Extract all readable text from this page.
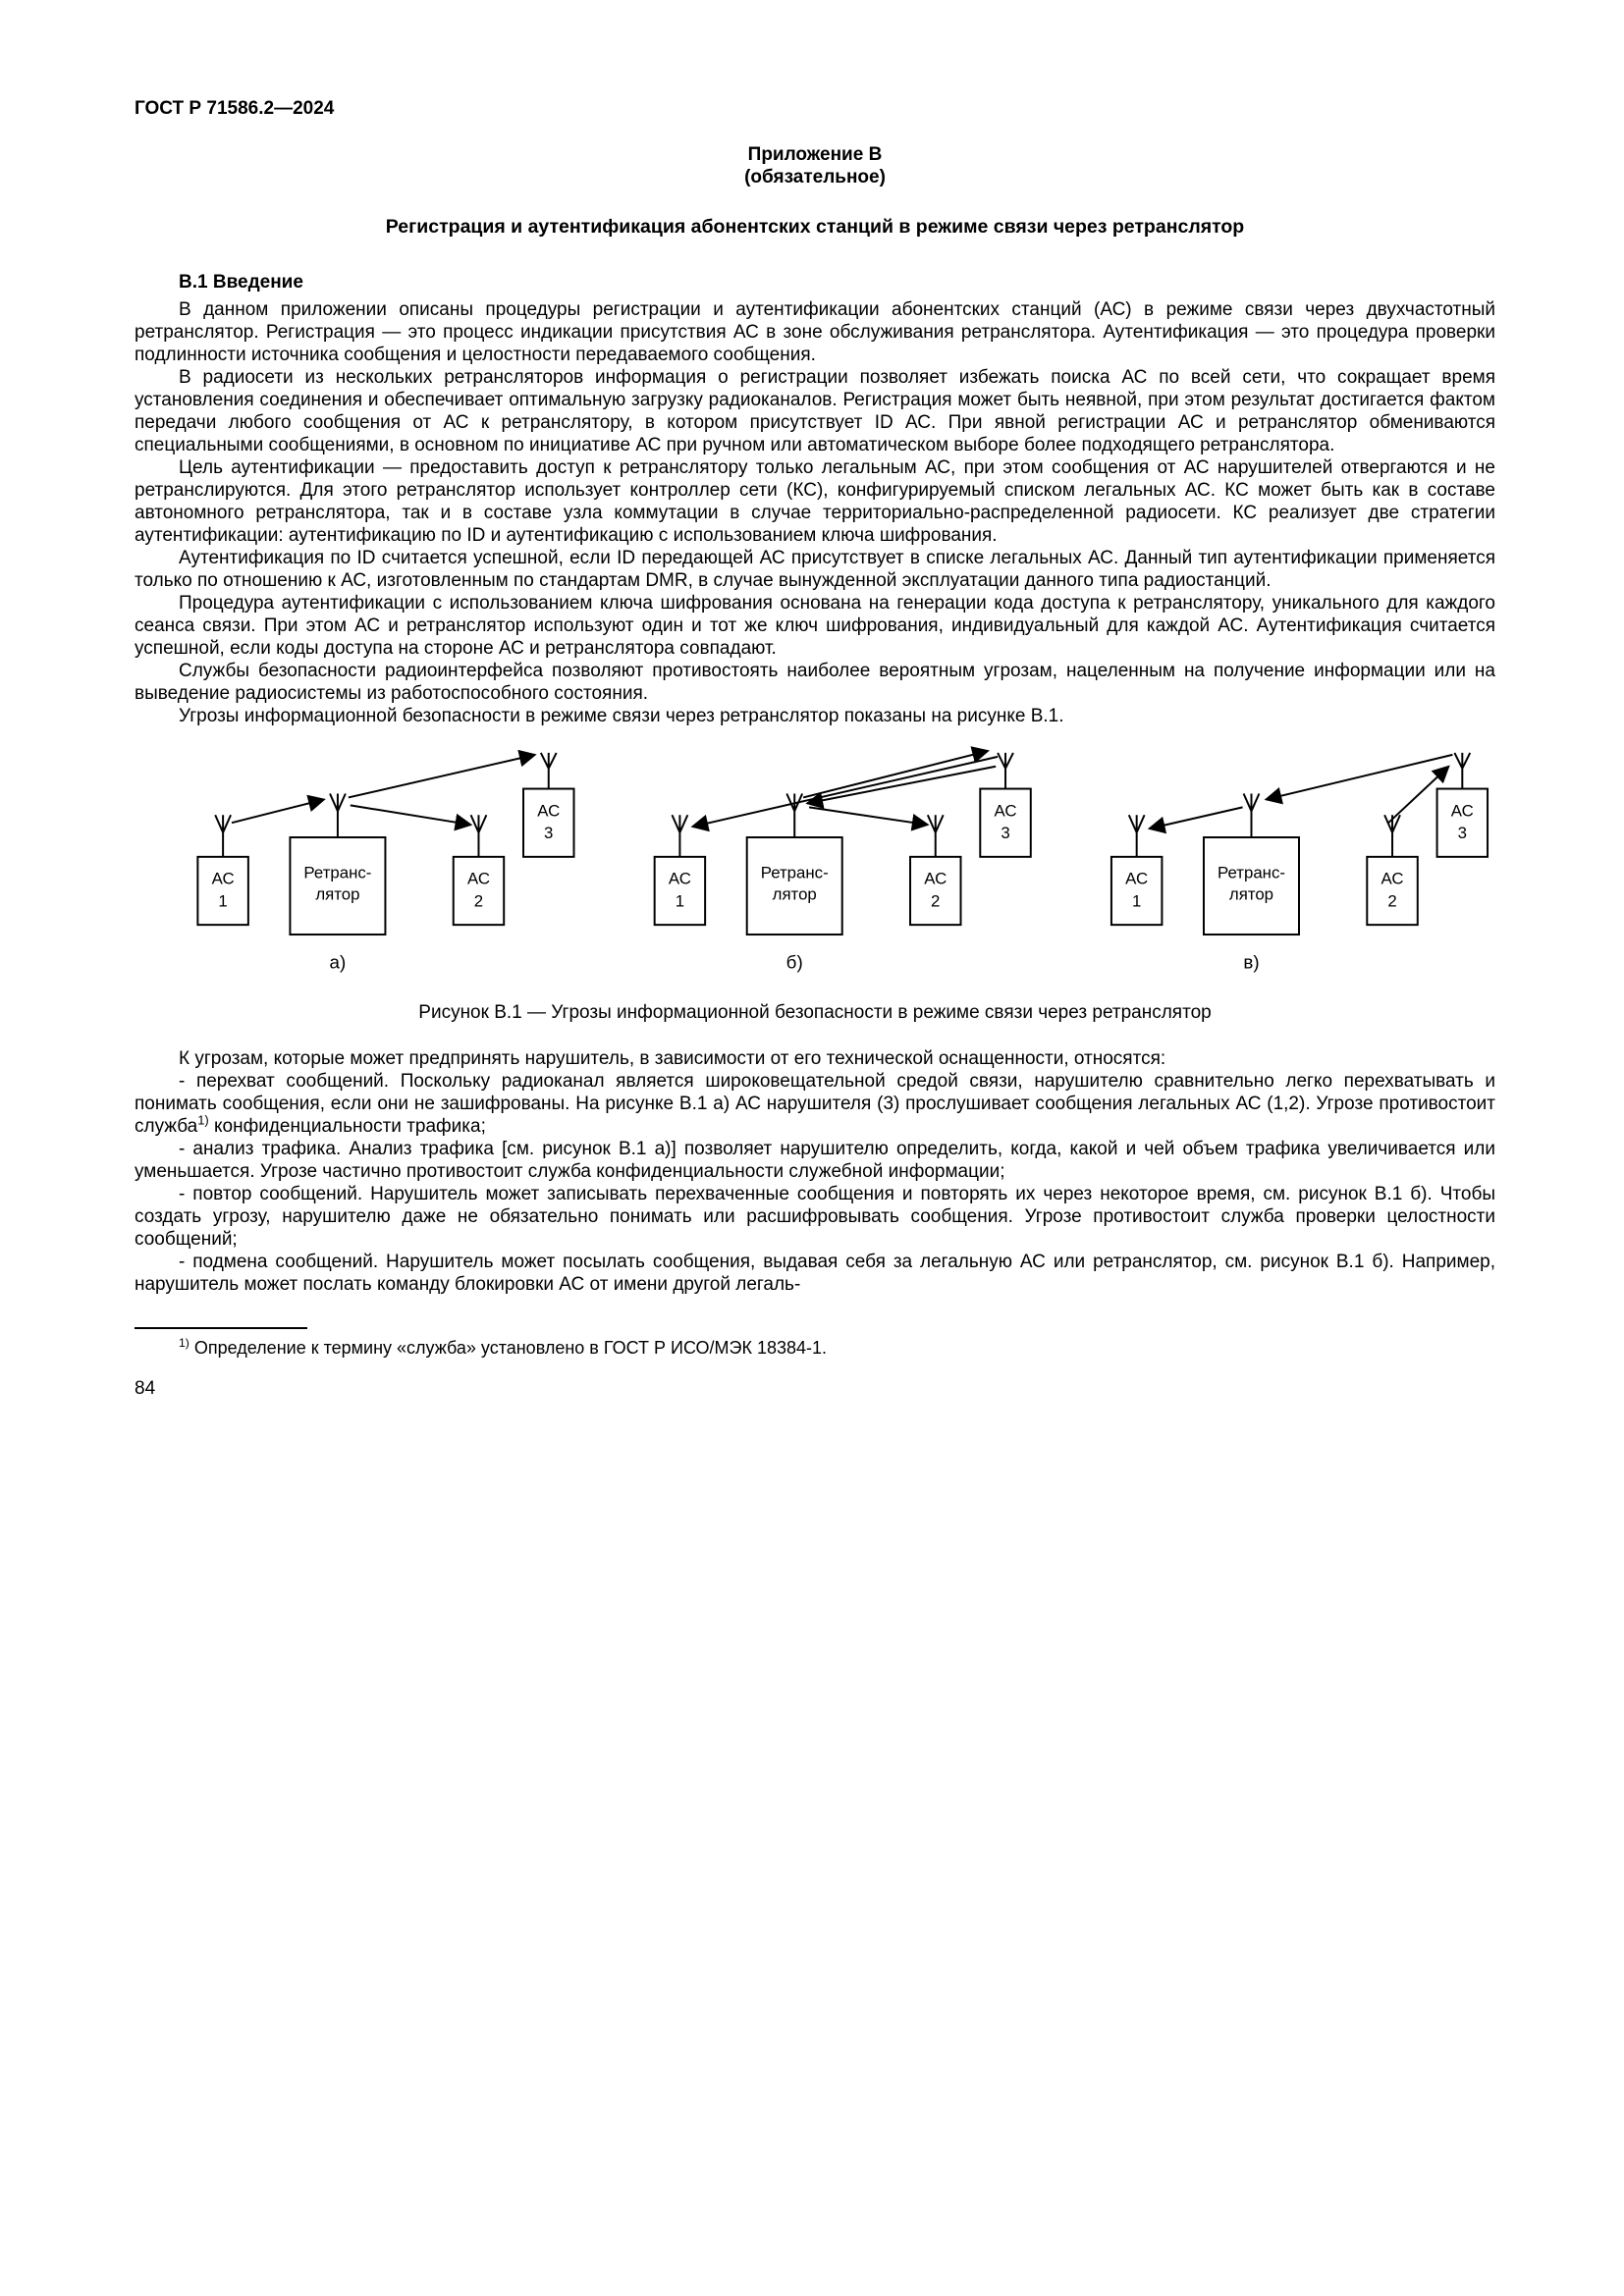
ГОСТ Р 71586.2—2024
Приложение В
(обязательное)
Регистрация и аутентификация абонентских станций в режиме связи через ретранслятор
В.1 Введение

В данном приложении описаны процедуры регистрации и аутентификации абонентских станций (АС) в режиме связи через двухчастотный ретранслятор. Регистрация — это процесс индикации присутствия АС в зоне обслуживания ретранслятора. Аутентификация — это процедура проверки подлинности источника сообщения и целостности передаваемого сообщения.

В радиосети из нескольких ретрансляторов информация о регистрации позволяет избежать поиска АС по всей сети, что сокращает время установления соединения и обеспечивает оптимальную загрузку радиоканалов. Регистрация может быть неявной, при этом результат достигается фактом передачи любого сообщения от АС к ретранслятору, в котором присутствует ID АС. При явной регистрации АС и ретранслятор обмениваются специальными сообщениями, в основном по инициативе АС при ручном или автоматическом выборе более подходящего ретранслятора.

Цель аутентификации — предоставить доступ к ретранслятору только легальным АС, при этом сообщения от АС нарушителей отвергаются и не ретранслируются. Для этого ретранслятор использует контроллер сети (КС), конфигурируемый списком легальных АС. КС может быть как в составе автономного ретранслятора, так и в составе узла коммутации в случае территориально-распределенной радиосети. КС реализует две стратегии аутентификации: аутентификацию по ID и аутентификацию с использованием ключа шифрования.

Аутентификация по ID считается успешной, если ID передающей АС присутствует в списке легальных АС. Данный тип аутентификации применяется только по отношению к АС, изготовленным по стандартам DMR, в случае вынужденной эксплуатации данного типа радиостанций.

Процедура аутентификации с использованием ключа шифрования основана на генерации кода доступа к ретранслятору, уникального для каждого сеанса связи. При этом АС и ретранслятор используют один и тот же ключ шифрования, индивидуальный для каждой АС. Аутентификация считается успешной, если коды доступа на стороне АС и ретранслятора совпадают.

Службы безопасности радиоинтерфейса позволяют противостоять наиболее вероятным угрозам, нацеленным на получение информации или на выведение радиосистемы из работоспособного состояния.

Угрозы информационной безопасности в режиме связи через ретранслятор показаны на рисунке В.1.

АС
1
Ретранс-
лятор
АС
2
АС
3
а)
АС
1
Ретранс-
лятор
АС
2
АС
3
б)
АС
1
Ретранс-
лятор
АС
2
АС
3
в)
Рисунок В.1 — Угрозы информационной безопасности в режиме связи через ретранслятор

К угрозам, которые может предпринять нарушитель, в зависимости от его технической оснащенности, относятся:

- перехват сообщений. Поскольку радиоканал является широковещательной средой связи, нарушителю сравнительно легко перехватывать и понимать сообщения, если они не зашифрованы. На рисунке В.1 а) АС нарушителя (3) прослушивает сообщения легальных АС (1,2). Угрозе противостоит служба$^{1)}$ конфиденциальности трафика;

- анализ трафика. Анализ трафика [см. рисунок В.1 а)] позволяет нарушителю определить, когда, какой и чей объем трафика увеличивается или уменьшается. Угрозе частично противостоит служба конфиденциальности служебной информации;

- повтор сообщений. Нарушитель может записывать перехваченные сообщения и повторять их через некоторое время, см. рисунок В.1 б). Чтобы создать угрозу, нарушителю даже не обязательно понимать или расшифровывать сообщения. Угрозе противостоит служба проверки целостности сообщений;

- подмена сообщений. Нарушитель может посылать сообщения, выдавая себя за легальную АС или ретранслятор, см. рисунок В.1 б). Например, нарушитель может послать команду блокировки АС от имени другой легаль-

$^{1)}$ Определение к термину «служба» установлено в ГОСТ Р ИСО/МЭК 18384-1.
84
